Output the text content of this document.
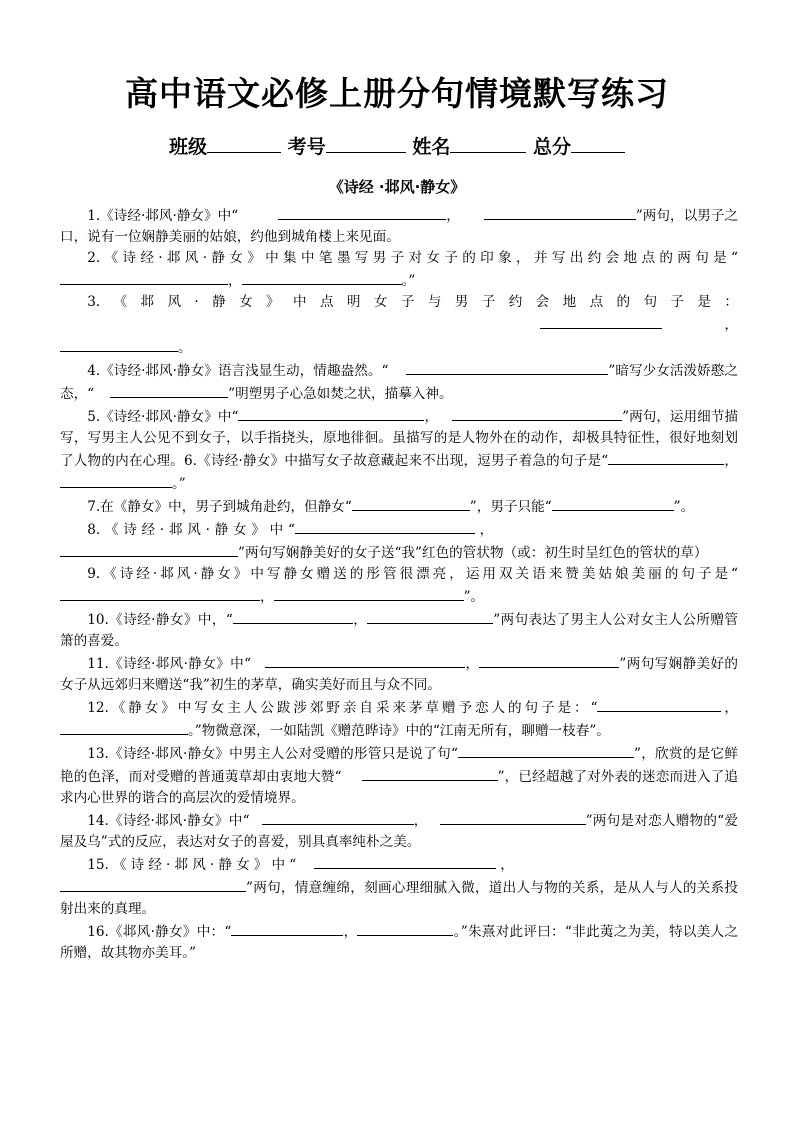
高中语文必修上册分句情境默写练习
班级	考号	姓名	总分
《诗经 ·邶风·静女》

1.《诗经·邶风·静女》中“	，	”两句，以男子之口，说有一位娴静美丽的姑娘，约他到城角楼上来见面。

2.《诗经·邶风·静女》中集中笔墨写男子对女子的印象，并写出约会地点的两句是“，	。”

3.《邶风·静女》中点明女子与男子约会地点的句子是：，。

4.《诗经·邶风·静女》语言浅显生动，情趣盎然。“	”暗写少女活泼娇憨之态，“	”明塑男子心急如焚之状，描摹入神。

5.《诗经·邶风·静女》中“	，	”两句，运用细节描写，写男主人公见不到女子，以手指挠头，原地徘徊。虽描写的是人物外在的动作，却极具特征性，很好地刻划了人物的内在心理。6.《诗经·静女》中描写女子故意藏起来不出现，逗男子着急的句子是“	，。”

7.在《静女》中，男子到城角赴约，但静女“	”，男子只能“	”。

8.《诗经·邶风·静女》中“	，”两句写娴静美好的女子送“我”红色的管状物（或：初生时呈红色的管状的草）

9.《诗经·邶风·静女》中写静女赠送的彤管很漂亮，运用双关语来赞美姑娘美丽的句子是“，	”。

10.《诗经·静女》中，“	，	”两句表达了男主人公对女主人公所赠管箫的喜爱。

11.《诗经·邶风·静女》中“	，	”两句写娴静美好的女子从远郊归来赠送“我”初生的茅草，确实美好而且与众不同。

12.《静女》中写女主人公跋涉郊野亲自采来茅草赠予恋人的句子是：“	，。”物微意深，一如陆凯《赠范晔诗》中的“江南无所有，聊赠一枝春”。

13.《诗经·邶风·静女》中男主人公对受赠的彤管只是说了句“	”，欣赏的是它鲜艳的色泽，而对受赠的普通荑草却由衷地大赞“	”，已经超越了对外表的迷恋而进入了追求内心世界的谐合的高层次的爱情境界。

14.《诗经·邶风·静女》中“	，	”两句是对恋人赠物的“爱屋及乌”式的反应，表达对女子的喜爱，别具真率纯朴之美。

15.《诗经·邶风·静女》中“	，”两句，情意缠绵，刻画心理细腻入微，道出人与物的关系，是从人与人的关系投射出来的真理。

16.《邶风·静女》中：“	，	。”朱熹对此评曰：“非此荑之为美，特以美人之所赠，故其物亦美耳。”
